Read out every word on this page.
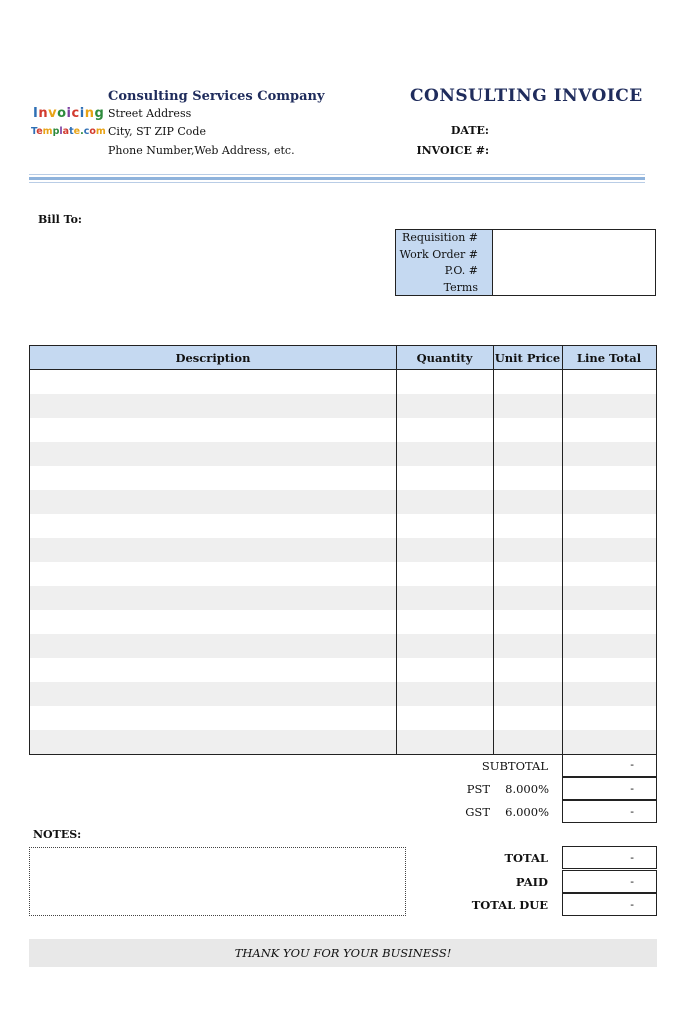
Invoicing
Template.com
Consulting Services Company
Street Address
City, ST ZIP Code
Phone Number,Web Address, etc.
CONSULTING INVOICE
DATE:
INVOICE #:
Bill To:
Requisition #
Work Order #
P.O. #
Terms
Description	Quantity	Unit Price	Line Total
SUBTOTAL	-
PST	8.000%	-
GST	6.000%	-
TOTAL	-
PAID	-
TOTAL DUE	-
NOTES:
THANK YOU FOR YOUR BUSINESS!
